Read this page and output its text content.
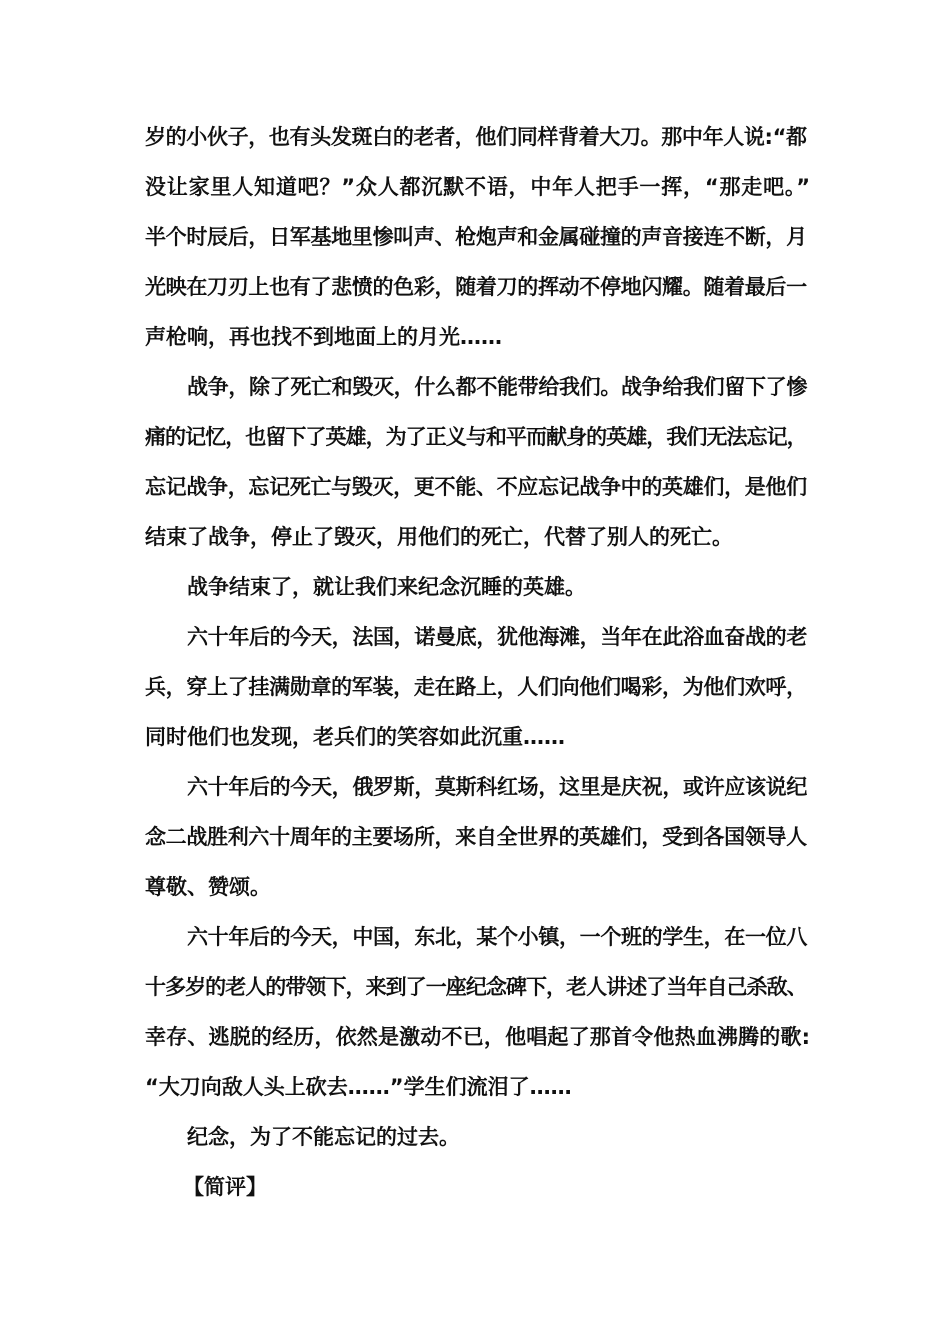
岁的小伙子，也有头发斑白的老者，他们同样背着大刀。那中年人说:“都
没让家里人知道吧？”众人都沉默不语，中年人把手一挥，“那走吧。”
半个时辰后，日军基地里惨叫声、枪炮声和金属碰撞的声音接连不断，月
光映在刀刃上也有了悲愤的色彩，随着刀的挥动不停地闪耀。随着最后一
声枪响，再也找不到地面上的月光……
战争，除了死亡和毁灭，什么都不能带给我们。战争给我们留下了惨
痛的记忆，也留下了英雄，为了正义与和平而献身的英雄，我们无法忘记，
忘记战争，忘记死亡与毁灭，更不能、不应忘记战争中的英雄们，是他们
结束了战争，停止了毁灭，用他们的死亡，代替了别人的死亡。
战争结束了，就让我们来纪念沉睡的英雄。
六十年后的今天，法国，诺曼底，犹他海滩，当年在此浴血奋战的老
兵，穿上了挂满勋章的军装，走在路上，人们向他们喝彩，为他们欢呼，
同时他们也发现，老兵们的笑容如此沉重……
六十年后的今天，俄罗斯，莫斯科红场，这里是庆祝，或许应该说纪
念二战胜利六十周年的主要场所，来自全世界的英雄们，受到各国领导人
尊敬、赞颂。
六十年后的今天，中国，东北，某个小镇，一个班的学生，在一位八
十多岁的老人的带领下，来到了一座纪念碑下，老人讲述了当年自己杀敌、
幸存、逃脱的经历，依然是激动不已，他唱起了那首令他热血沸腾的歌:
“大刀向敌人头上砍去……”学生们流泪了……
纪念，为了不能忘记的过去。
【简评】
